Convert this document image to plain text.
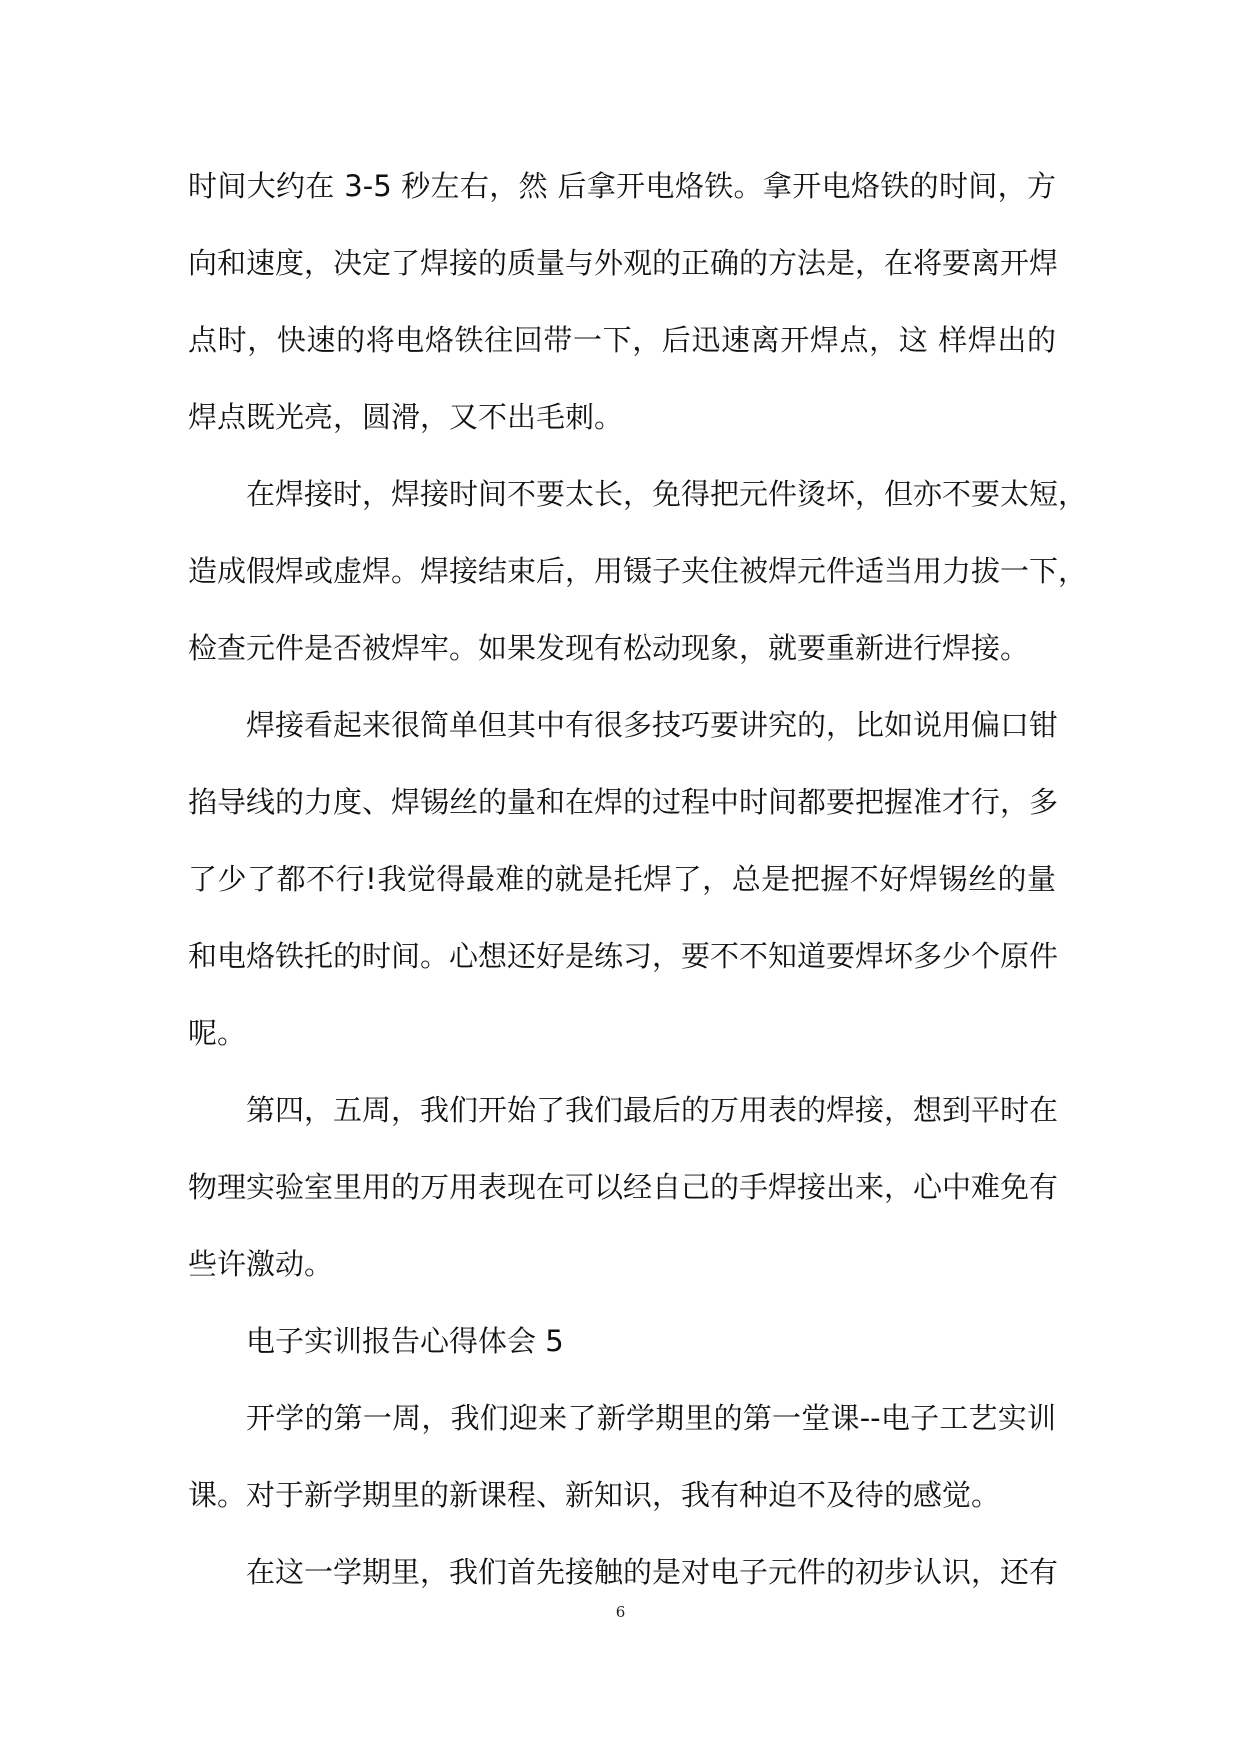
时间大约在 3-5 秒左右，然 后拿开电烙铁。拿开电烙铁的时间，方
向和速度，决定了焊接的质量与外观的正确的方法是，在将要离开焊
点时，快速的将电烙铁往回带一下，后迅速离开焊点，这 样焊出的
焊点既光亮，圆滑，又不出毛刺。
在焊接时，焊接时间不要太长，免得把元件烫坏，但亦不要太短，
造成假焊或虚焊。焊接结束后，用镊子夹住被焊元件适当用力拔一下，
检查元件是否被焊牢。如果发现有松动现象，就要重新进行焊接。
焊接看起来很简单但其中有很多技巧要讲究的，比如说用偏口钳
掐导线的力度、焊锡丝的量和在焊的过程中时间都要把握准才行，多
了少了都不行!我觉得最难的就是托焊了，总是把握不好焊锡丝的量
和电烙铁托的时间。心想还好是练习，要不不知道要焊坏多少个原件
呢。
第四，五周，我们开始了我们最后的万用表的焊接，想到平时在
物理实验室里用的万用表现在可以经自己的手焊接出来，心中难免有
些许激动。
电子实训报告心得体会 5
开学的第一周，我们迎来了新学期里的第一堂课--电子工艺实训
课。对于新学期里的新课程、新知识，我有种迫不及待的感觉。
在这一学期里，我们首先接触的是对电子元件的初步认识，还有
6
